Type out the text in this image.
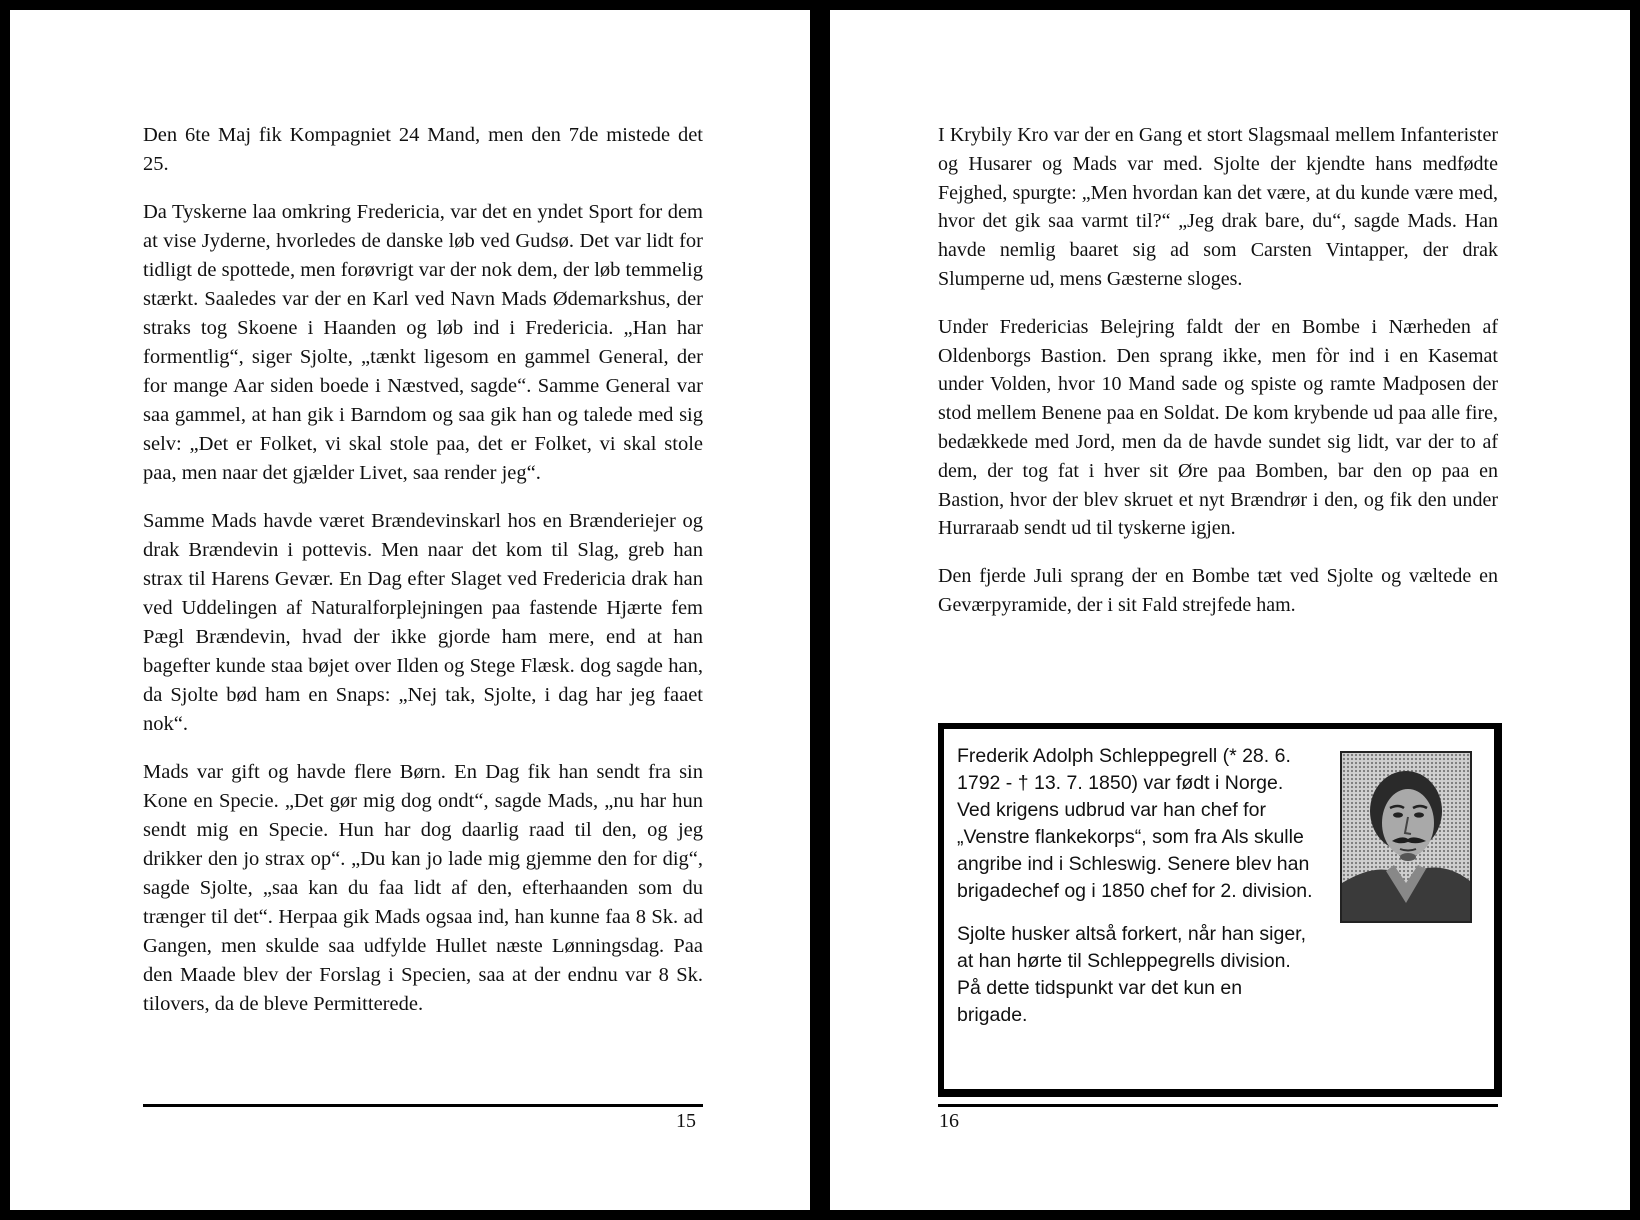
Den 6te Maj fik Kompagniet 24 Mand, men den 7de mistede det 25.

Da Tyskerne laa omkring Fredericia, var det en yndet Sport for dem at vise Jyderne, hvorledes de danske løb ved Gudsø. Det var lidt for tidligt de spottede, men forøvrigt var der nok dem, der løb temmelig stærkt. Saaledes var der en Karl ved Navn Mads Ødemarkshus, der straks tog Skoene i Haanden og løb ind i Fredericia. „Han har formentlig“, siger Sjolte, „tænkt ligesom en gammel General, der for mange Aar siden boede i Næstved, sagde“. Samme General var saa gammel, at han gik i Barndom og saa gik han og talede med sig selv: „Det er Folket, vi skal stole paa, det er Folket, vi skal stole paa, men naar det gjælder Livet, saa render jeg“.

Samme Mads havde været Brændevinskarl hos en Brænderiejer og drak Brændevin i pottevis. Men naar det kom til Slag, greb han strax til Harens Gevær. En Dag efter Slaget ved Fredericia drak han ved Uddelingen af Naturalforplejningen paa fastende Hjærte fem Pægl Brændevin, hvad der ikke gjorde ham mere, end at han bagefter kunde staa bøjet over Ilden og Stege Flæsk. dog sagde han, da Sjolte bød ham en Snaps: „Nej tak, Sjolte, i dag har jeg faaet nok“.

Mads var gift og havde flere Børn. En Dag fik han sendt fra sin Kone en Specie. „Det gør mig dog ondt“, sagde Mads, „nu har hun sendt mig en Specie. Hun har dog daarlig raad til den, og jeg drikker den jo strax op“. „Du kan jo lade mig gjemme den for dig“, sagde Sjolte, „saa kan du faa lidt af den, efterhaanden som du trænger til det“. Herpaa gik Mads ogsaa ind, han kunne faa 8 Sk. ad Gangen, men skulde saa udfylde Hullet næste Lønningsdag. Paa den Maade blev der Forslag i Specien, saa at der endnu var 8 Sk. tilovers, da de bleve Permitterede.

15

I Krybily Kro var der en Gang et stort Slagsmaal mellem Infanterister og Husarer og Mads var med. Sjolte der kjendte hans medfødte Fejghed, spurgte: „Men hvordan kan det være, at du kunde være med, hvor det gik saa varmt til?“ „Jeg drak bare, du“, sagde Mads. Han havde nemlig baaret sig ad som Carsten Vintapper, der drak Slumperne ud, mens Gæsterne sloges.

Under Fredericias Belejring faldt der en Bombe i Nærheden af Oldenborgs Bastion. Den sprang ikke, men fòr ind i en Kasemat under Volden, hvor 10 Mand sade og spiste og ramte Madposen der stod mellem Benene paa en Soldat. De kom krybende ud paa alle fire, bedækkede med Jord, men da de havde sundet sig lidt, var der to af dem, der tog fat i hver sit Øre paa Bomben, bar den op paa en Bastion, hvor der blev skruet et nyt Brændrør i den, og fik den under Hurraraab sendt ud til tyskerne igjen.

Den fjerde Juli sprang der en Bombe tæt ved Sjolte og væltede en Geværpyramide, der i sit Fald strejfede ham.

Frederik Adolph Schleppegrell (* 28. 6. 1792 - † 13. 7. 1850) var født i Norge. Ved krigens udbrud var han chef for „Venstre flankekorps“, som fra Als skulle angribe ind i Schleswig. Senere blev han brigadechef og i 1850 chef for 2. division.

Sjolte husker altså forkert, når han siger, at han hørte til Schleppegrells division. På dette tidspunkt var det kun en brigade.

16
